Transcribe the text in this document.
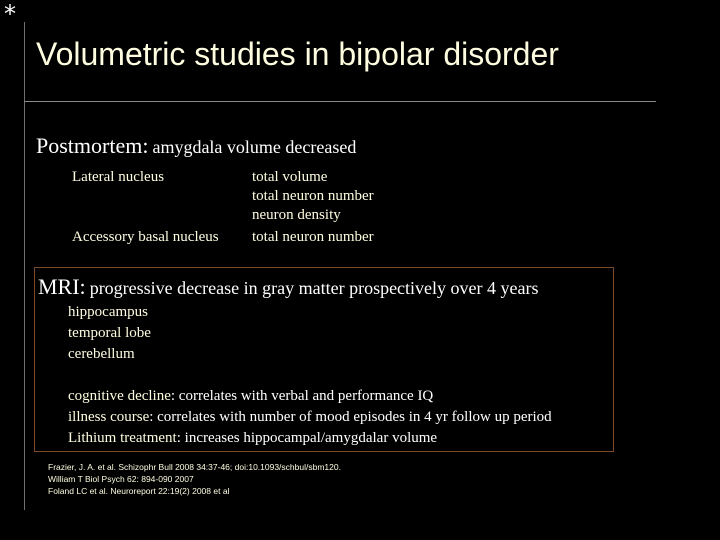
*
Volumetric studies in bipolar disorder
Postmortem: amygdala volume decreased
Lateral nucleus	total volume
total neuron number
neuron density
Accessory basal nucleus total neuron number
MRI: progressive decrease in gray matter prospectively over 4 years
hippocampus
temporal lobe
cerebellum
cognitive decline: correlates with verbal and performance IQ
illness course: correlates with number of mood episodes in 4 yr follow up period
Lithium treatment: increases hippocampal/amygdalar volume
Frazier, J. A. et al. Schizophr Bull 2008 34:37-46; doi:10.1093/schbul/sbm120.
William T Biol Psych 62: 894-090 2007
Foland LC et al. Neuroreport 22:19(2) 2008 et al
